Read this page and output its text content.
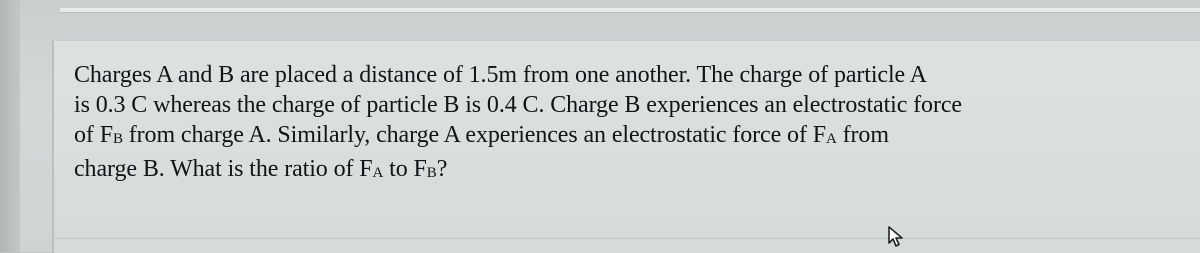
Charges A and B are placed a distance of 1.5m from one another. The charge of particle A
is 0.3 C whereas the charge of particle B is 0.4 C. Charge B experiences an electrostatic force
of FB from charge A. Similarly, charge A experiences an electrostatic force of FA from
charge B. What is the ratio of FA to FB?
